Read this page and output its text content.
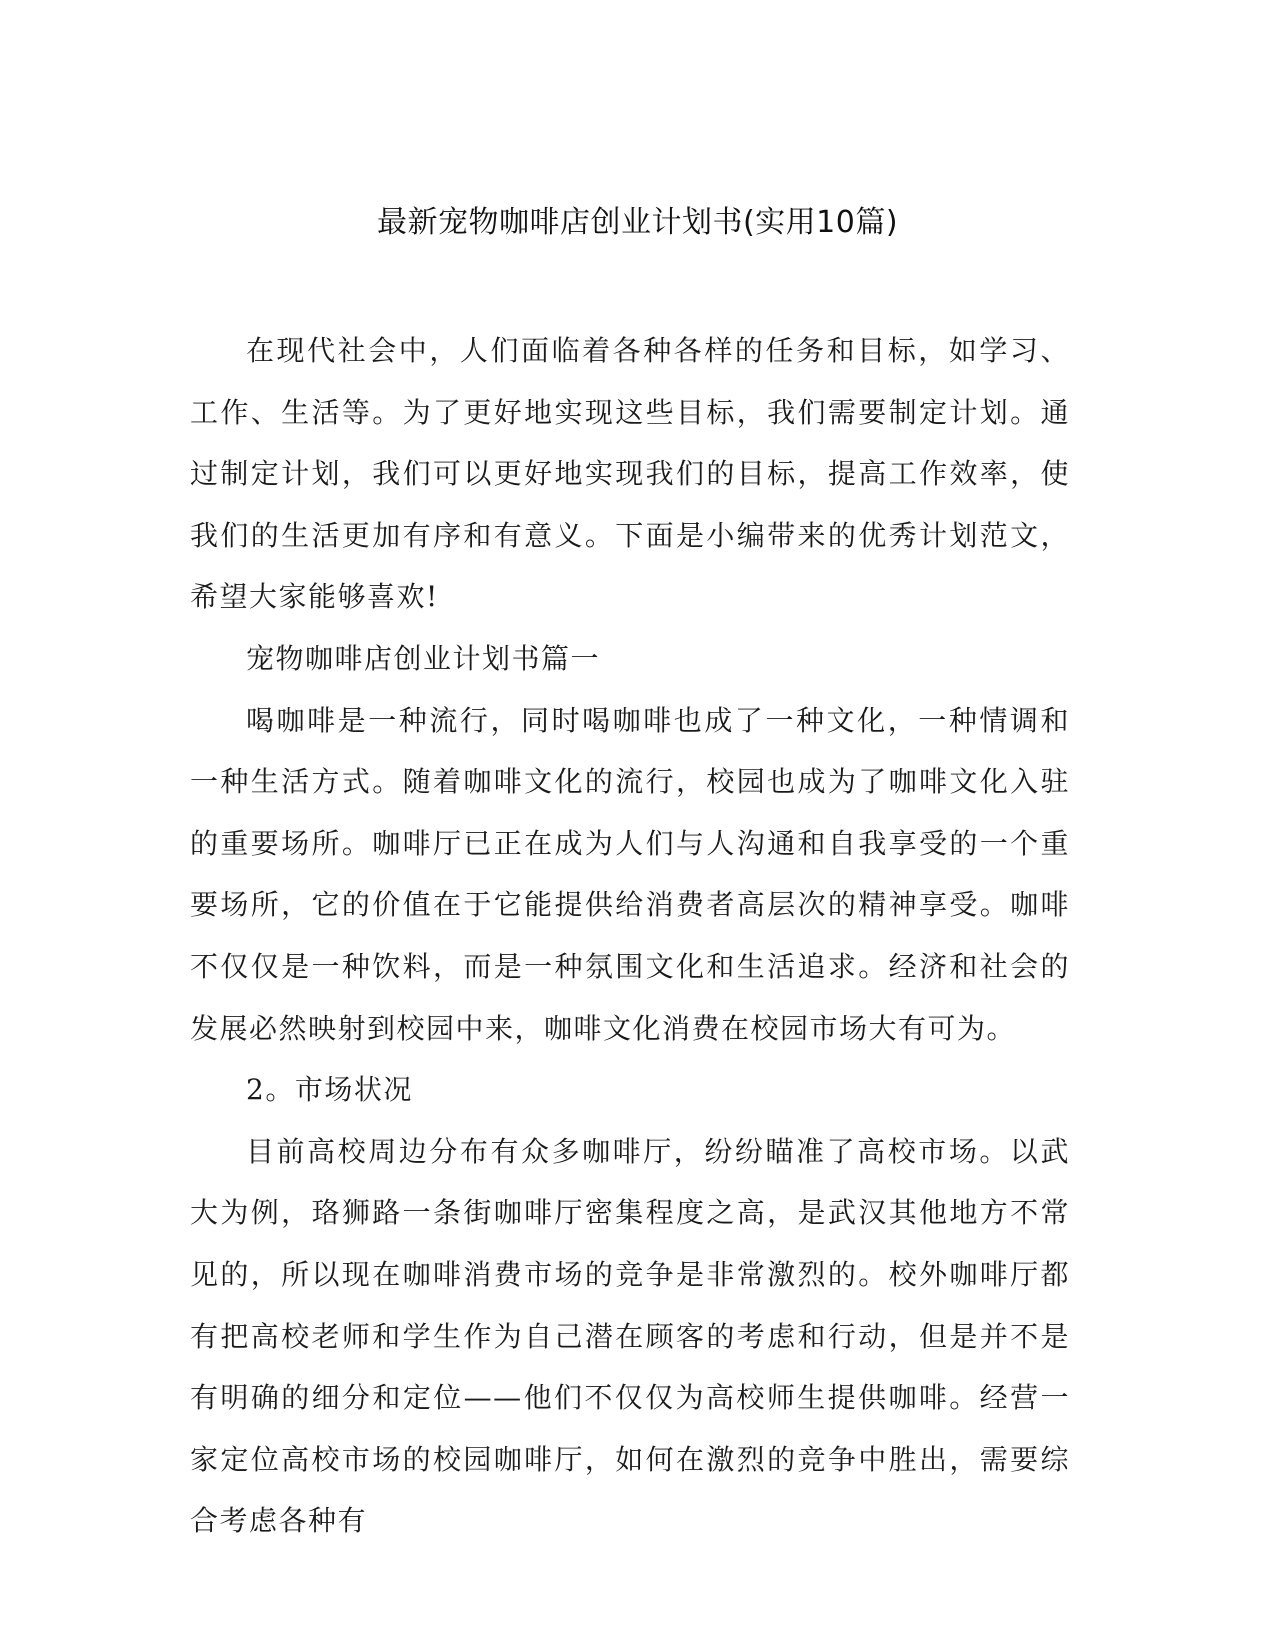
最新宠物咖啡店创业计划书(实用10篇)

在现代社会中，人们面临着各种各样的任务和目标，如学习、工作、生活等。为了更好地实现这些目标，我们需要制定计划。通过制定计划，我们可以更好地实现我们的目标，提高工作效率，使我们的生活更加有序和有意义。下面是小编带来的优秀计划范文，希望大家能够喜欢!

宠物咖啡店创业计划书篇一

喝咖啡是一种流行，同时喝咖啡也成了一种文化，一种情调和一种生活方式。随着咖啡文化的流行，校园也成为了咖啡文化入驻的重要场所。咖啡厅已正在成为人们与人沟通和自我享受的一个重要场所，它的价值在于它能提供给消费者高层次的精神享受。咖啡不仅仅是一种饮料，而是一种氛围文化和生活追求。经济和社会的发展必然映射到校园中来，咖啡文化消费在校园市场大有可为。

2。市场状况

目前高校周边分布有众多咖啡厅，纷纷瞄准了高校市场。以武大为例，珞狮路一条街咖啡厅密集程度之高，是武汉其他地方不常见的，所以现在咖啡消费市场的竞争是非常激烈的。校外咖啡厅都有把高校老师和学生作为自己潜在顾客的考虑和行动，但是并不是有明确的细分和定位——他们不仅仅为高校师生提供咖啡。经营一家定位高校市场的校园咖啡厅，如何在激烈的竞争中胜出，需要综合考虑各种有
